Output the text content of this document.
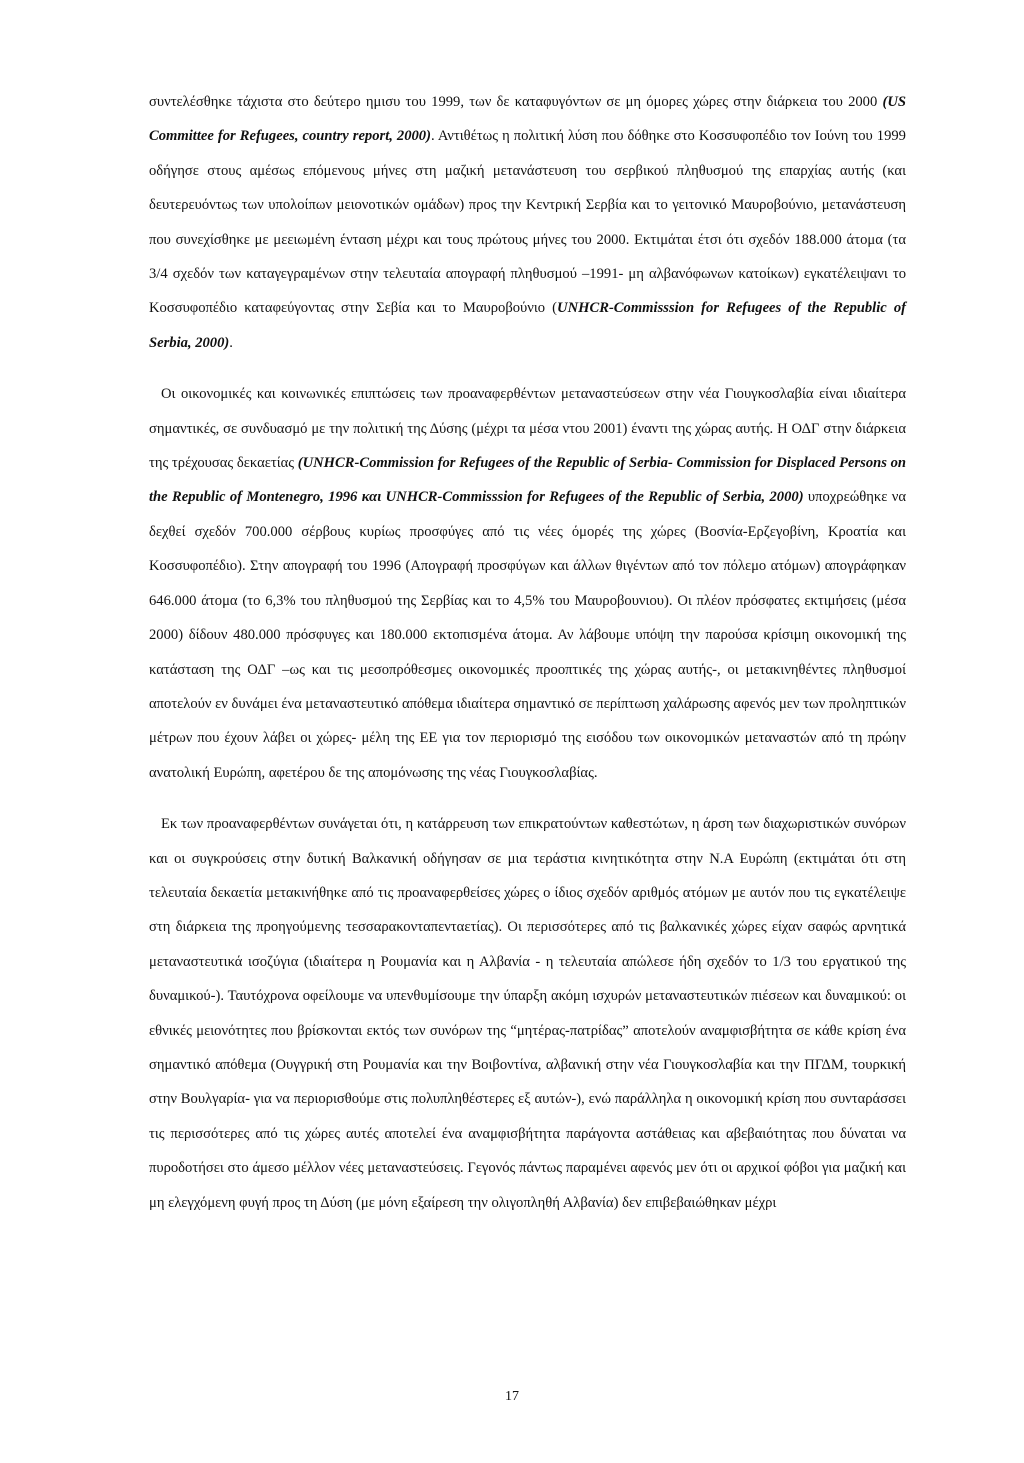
συντελέσθηκε τάχιστα στο δεύτερο ημισυ του 1999, των δε καταφυγόντων σε μη όμορες χώρες στην διάρκεια του 2000 (US Committee for Refugees, country report, 2000). Αντιθέτως η πολιτική λύση που δόθηκε στο Κοσσυφοπέδιο τον Ιούνη του 1999 οδήγησε στους αμέσως επόμενους μήνες στη μαζική μετανάστευση του σερβικού πληθυσμού της επαρχίας αυτής (και δευτερευόντως των υπολοίπων μειονοτικών ομάδων) προς την Κεντρική Σερβία και το γειτονικό Μαυροβούνιο, μετανάστευση που συνεχίσθηκε με μεειωμένη ένταση μέχρι και τους πρώτους μήνες του 2000. Εκτιμάται έτσι ότι σχεδόν 188.000 άτομα (τα 3/4 σχεδόν των καταγεγραμένων στην τελευταία απογραφή πληθυσμού –1991- μη αλβανόφωνων κατοίκων) εγκατέλειψανι το Κοσσυφοπέδιο καταφεύγοντας στην Σεβία και το Μαυροβούνιο (UNHCR-Commisssion for Refugees of the Republic of Serbia, 2000).

Οι οικονομικές και κοινωνικές επιπτώσεις των προαναφερθέντων μεταναστεύσεων στην νέα Γιουγκοσλαβία είναι ιδιαίτερα σημαντικές, σε συνδυασμό με την πολιτική της Δύσης (μέχρι τα μέσα ντου 2001) έναντι της χώρας αυτής. Η ΟΔΓ στην διάρκεια της τρέχουσας δεκαετίας (UNHCR-Commission for Refugees of the Republic of Serbia- Commission for Displaced Persons on the Republic of Montenegro, 1996 και UNHCR-Commisssion for Refugees of the Republic of Serbia, 2000) υποχρεώθηκε να δεχθεί σχεδόν 700.000 σέρβους κυρίως προσφύγες από τις νέες όμορές της χώρες (Βοσνία-Ερζεγοβίνη, Κροατία και Κοσσυφοπέδιο). Στην απογραφή του 1996 (Απογραφή προσφύγων και άλλων θιγέντων από τον πόλεμο ατόμων) απογράφηκαν 646.000 άτομα (το 6,3% του πληθυσμού της Σερβίας και το 4,5% του Μαυροβουνιου). Οι πλέον πρόσφατες εκτιμήσεις (μέσα 2000) δίδουν 480.000 πρόσφυγες και 180.000 εκτοπισμένα άτομα. Αν λάβουμε υπόψη την παρούσα κρίσιμη οικονομική της κατάσταση της ΟΔΓ –ως και τις μεσοπρόθεσμες οικονομικές προοπτικές της χώρας αυτής-, οι μετακινηθέντες πληθυσμοί αποτελούν εν δυνάμει ένα μεταναστευτικό απόθεμα ιδιαίτερα σημαντικό σε περίπτωση χαλάρωσης αφενός μεν των προληπτικών μέτρων που έχουν λάβει οι χώρες- μέλη της ΕΕ για τον περιορισμό της εισόδου των οικονομικών μεταναστών από τη πρώην ανατολική Ευρώπη, αφετέρου δε της απομόνωσης της νέας Γιουγκοσλαβίας.

Εκ των προαναφερθέντων συνάγεται ότι, η κατάρρευση των επικρατούντων καθεστώτων, η άρση των διαχωριστικών συνόρων και οι συγκρούσεις στην δυτική Βαλκανική οδήγησαν σε μια τεράστια κινητικότητα στην Ν.Α Ευρώπη (εκτιμάται ότι στη τελευταία δεκαετία μετακινήθηκε από τις προαναφερθείσες χώρες ο ίδιος σχεδόν αριθμός ατόμων με αυτόν που τις εγκατέλειψε στη διάρκεια της προηγούμενης τεσσαρακονταπενταετίας). Οι περισσότερες από τις βαλκανικές χώρες είχαν σαφώς αρνητικά μεταναστευτικά ισοζύγια (ιδιαίτερα η Ρουμανία και η Αλβανία - η τελευταία απώλεσε ήδη σχεδόν το 1/3 του εργατικού της δυναμικού-). Ταυτόχρονα οφείλουμε να υπενθυμίσουμε την ύπαρξη ακόμη ισχυρών μεταναστευτικών πιέσεων και δυναμικού: οι εθνικές μειονότητες που βρίσκονται εκτός των συνόρων της “μητέρας-πατρίδας” αποτελούν αναμφισβήτητα σε κάθε κρίση ένα σημαντικό απόθεμα (Ουγγρική στη Ρουμανία και την Βοιβοντίνα, αλβανική στην νέα Γιουγκοσλαβία και την ΠΓΔΜ, τουρκική στην Βουλγαρία- για να περιορισθούμε στις πολυπληθέστερες εξ αυτών-), ενώ παράλληλα η οικονομική κρίση που συνταράσσει τις περισσότερες από τις χώρες αυτές αποτελεί ένα αναμφισβήτητα παράγοντα αστάθειας και αβεβαιότητας που δύναται να πυροδοτήσει στο άμεσο μέλλον νέες μεταναστεύσεις. Γεγονός πάντως παραμένει αφενός μεν ότι οι αρχικοί φόβοι για μαζική και μη ελεγχόμενη φυγή προς τη Δύση (με μόνη εξαίρεση την ολιγοπληθή Αλβανία) δεν επιβεβαιώθηκαν μέχρι

17
